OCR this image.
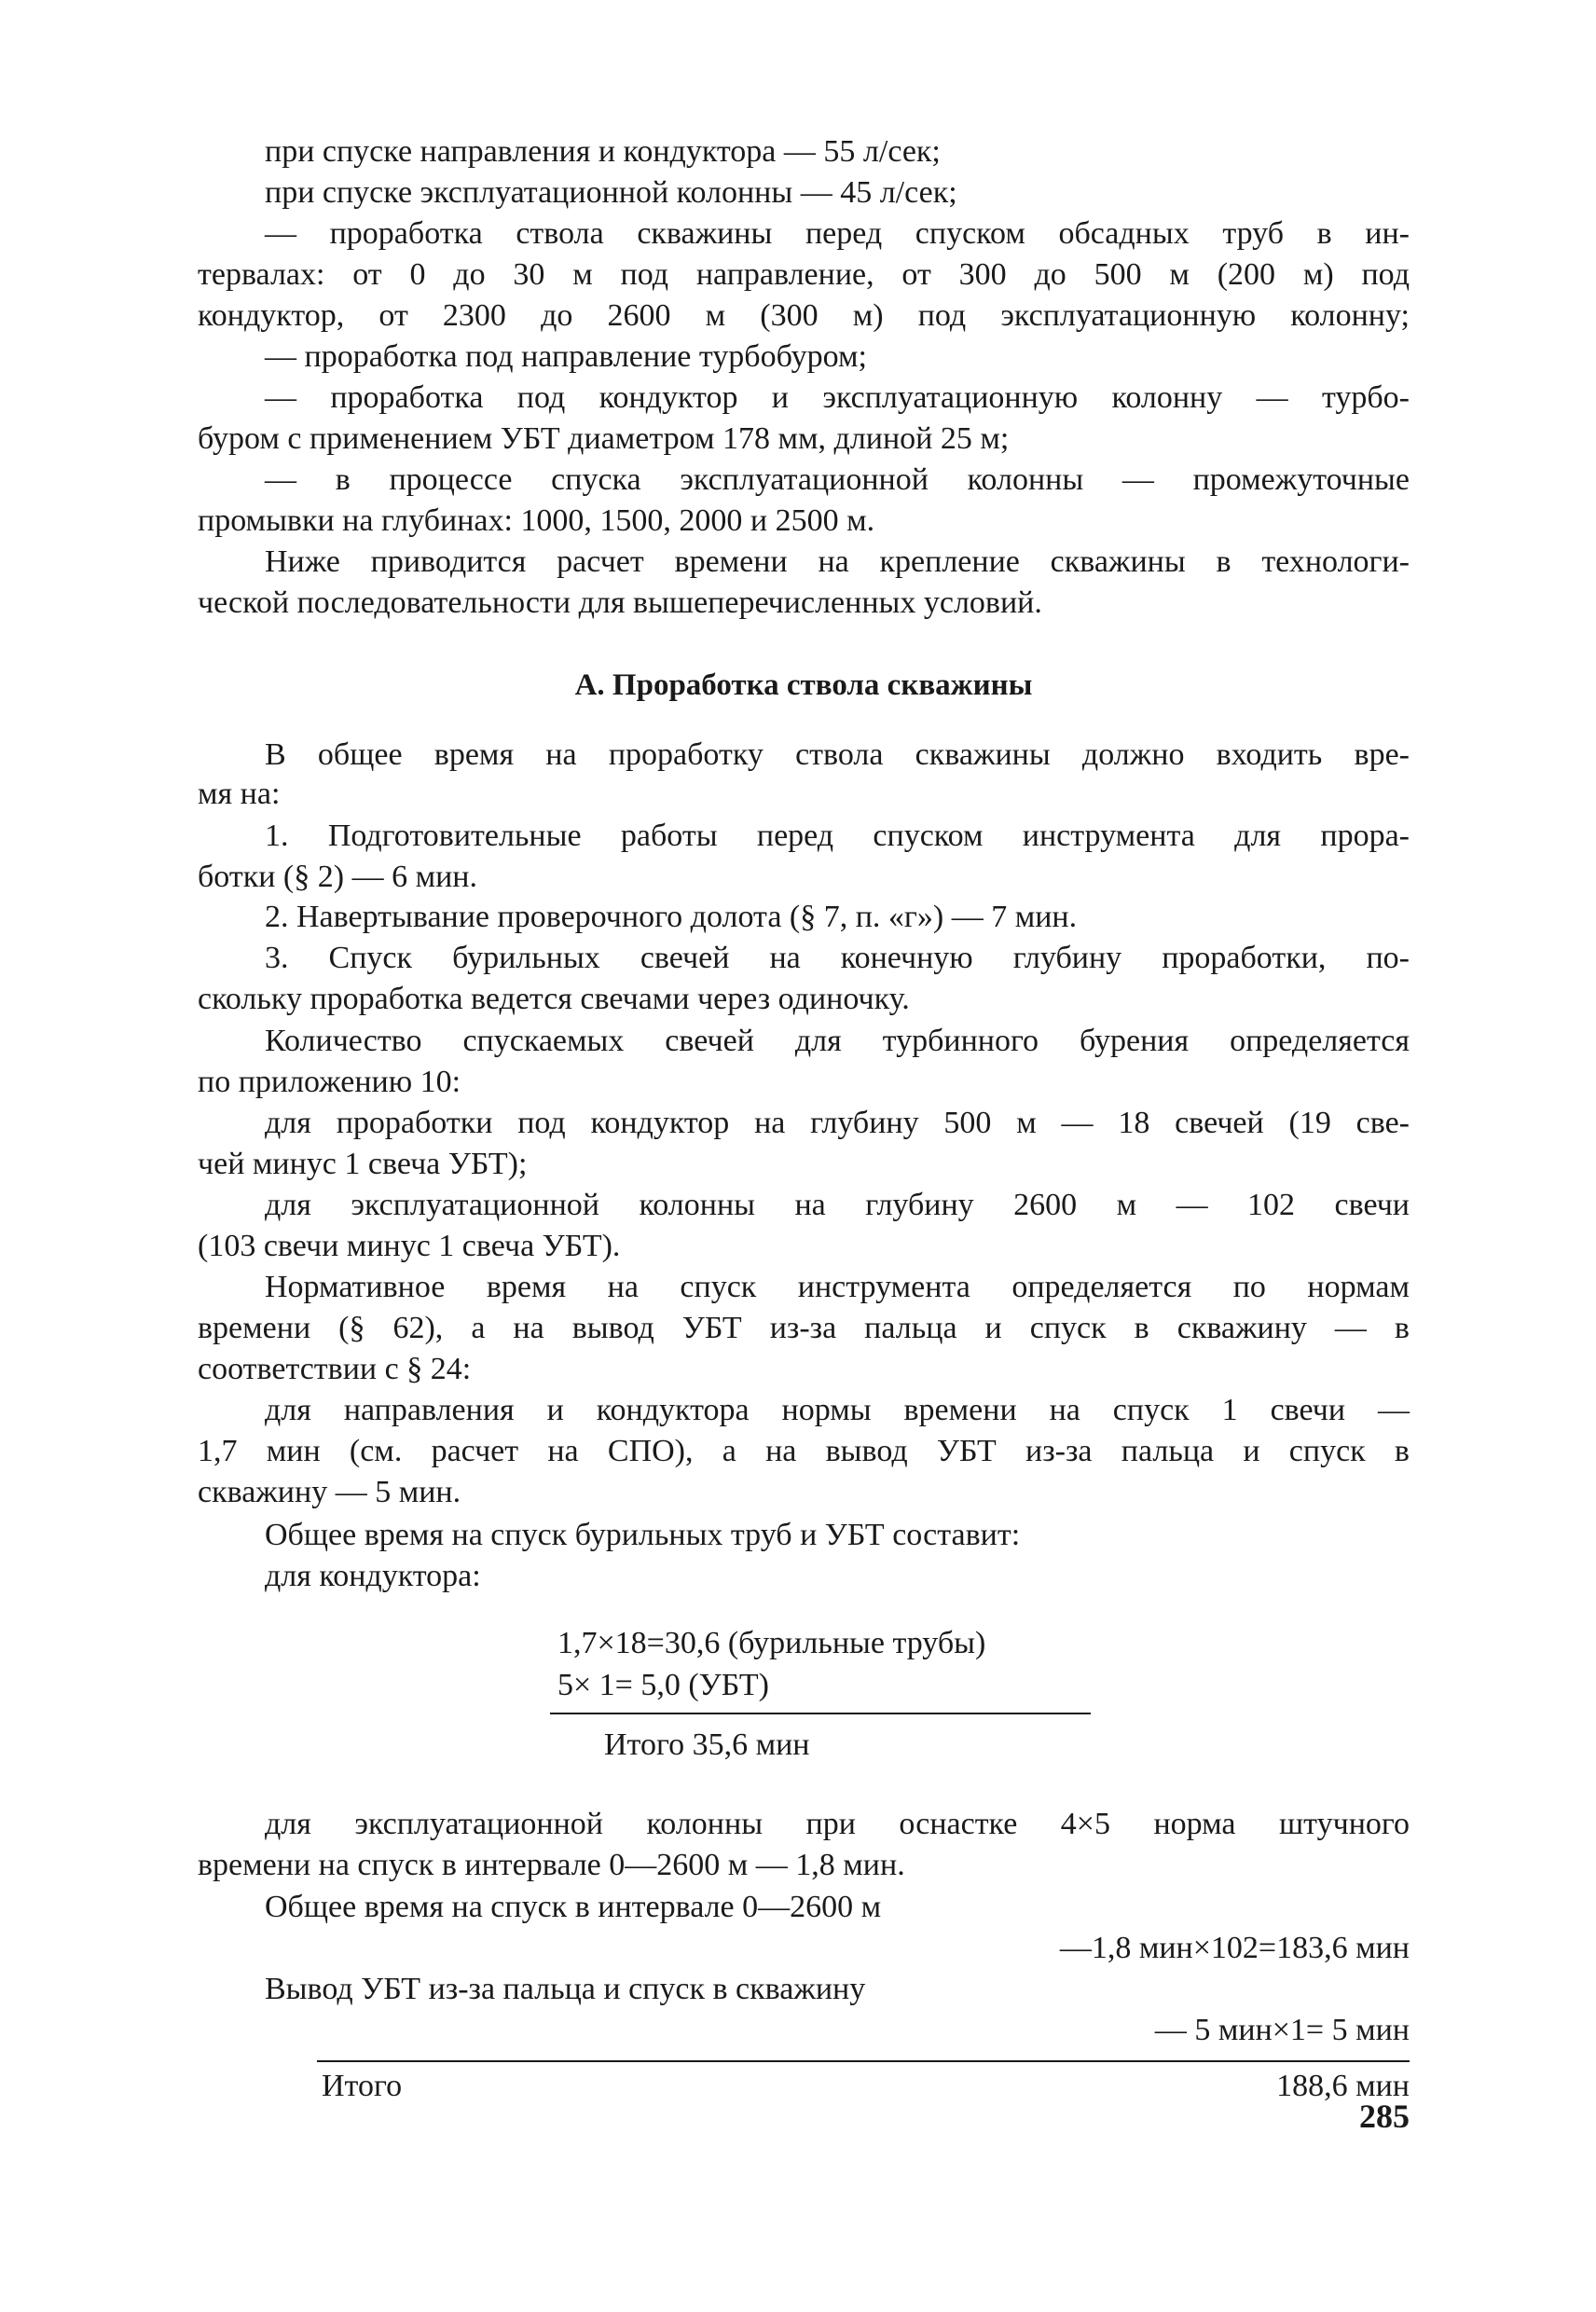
при спуске направления и кондуктора — 55 л/сек;
при спуске эксплуатационной колонны — 45 л/сек;
— проработка ствола скважины перед спуском обсадных труб в ин-
тервалах: от 0 до 30 м под направление, от 300 до 500 м (200 м) под
кондуктор, от 2300 до 2600 м (300 м) под эксплуатационную колонну;
— проработка под направление турбобуром;
— проработка под кондуктор и эксплуатационную колонну — турбо-
буром с применением УБТ диаметром 178 мм, длиной 25 м;
— в процессе спуска эксплуатационной колонны — промежуточные
промывки на глубинах: 1000, 1500, 2000 и 2500 м.
Ниже приводится расчет времени на крепление скважины в технологи-
ческой последовательности для вышеперечисленных условий.
А. Проработка ствола скважины
В общее время на проработку ствола скважины должно входить вре-
мя на:
1. Подготовительные работы перед спуском инструмента для прора-
ботки (§ 2) — 6 мин.
2. Навертывание проверочного долота (§ 7, п. «г») — 7 мин.
3. Спуск бурильных свечей на конечную глубину проработки, по-
скольку проработка ведется свечами через одиночку.
Количество спускаемых свечей для турбинного бурения определяется
по приложению 10:
для проработки под кондуктор на глубину 500 м — 18 свечей (19 све-
чей минус 1 свеча УБТ);
для эксплуатационной колонны на глубину 2600 м — 102 свечи
(103 свечи минус 1 свеча УБТ).
Нормативное время на спуск инструмента определяется по нормам
времени (§ 62), а на вывод УБТ из-за пальца и спуск в скважину — в
соответствии с § 24:
для направления и кондуктора нормы времени на спуск 1 свечи —
1,7 мин (см. расчет на СПО), а на вывод УБТ из-за пальца и спуск в
скважину — 5 мин.
Общее время на спуск бурильных труб и УБТ составит:
для кондуктора:
1,7×18=30,6 (бурильные трубы)
5× 1= 5,0 (УБТ)
Итого 35,6 мин
для эксплуатационной колонны при оснастке 4×5 норма штучного
времени на спуск в интервале 0—2600 м — 1,8 мин.
Общее время на спуск в интервале 0—2600 м
—1,8 мин×102=183,6 мин
Вывод УБТ из-за пальца и спуск в скважину
— 5 мин×1= 5 мин
Итого	188,6 мин
285
